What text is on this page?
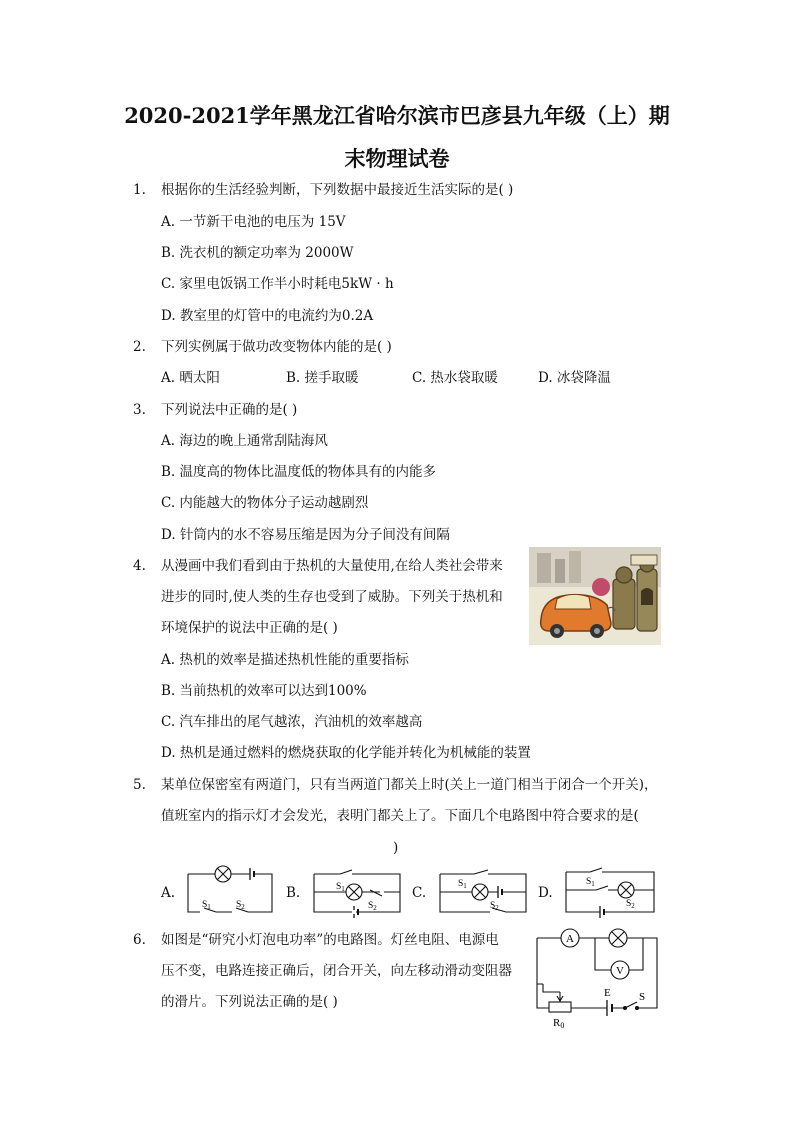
2020-2021学年黑龙江省哈尔滨市巴彦县九年级（上）期
末物理试卷
1. 根据你的生活经验判断，下列数据中最接近生活实际的是( )
A. 一节新干电池的电压为 15V
B. 洗衣机的额定功率为 2000W
C. 家里电饭锅工作半小时耗电5kW · h
D. 教室里的灯管中的电流约为0.2A
2. 下列实例属于做功改变物体内能的是( )
A. 晒太阳	B. 搓手取暖	C. 热水袋取暖	D. 冰袋降温
3. 下列说法中正确的是( )
A. 海边的晚上通常刮陆海风
B. 温度高的物体比温度低的物体具有的内能多
C. 内能越大的物体分子运动越剧烈
D. 针筒内的水不容易压缩是因为分子间没有间隔
4. 从漫画中我们看到由于热机的大量使用,在给人类社会带来
进步的同时,使人类的生存也受到了威胁。下列关于热机和
环境保护的说法中正确的是( )
A. 热机的效率是描述热机性能的重要指标
B. 当前热机的效率可以达到100%
C. 汽车排出的尾气越浓，汽油机的效率越高
D. 热机是通过燃料的燃烧获取的化学能并转化为机械能的装置
5. 某单位保密室有两道门，只有当两道门都关上时(关上一道门相当于闭合一个开关)，
值班室内的指示灯才会发光，表明门都关上了。下面几个电路图中符合要求的是(
)
A.	B.	C.	D.
$S_1$	$S_2$
$S_1$
$S_2$
$S_1$
$S_2$
$S_1$
$S_2$
6. 如图是“研究小灯泡电功率”的电路图。灯丝电阻、电源电
压不变，电路连接正确后，闭合开关，向左移动滑动变阻器
的滑片。下列说法正确的是( )
A
V
E	S
R0
